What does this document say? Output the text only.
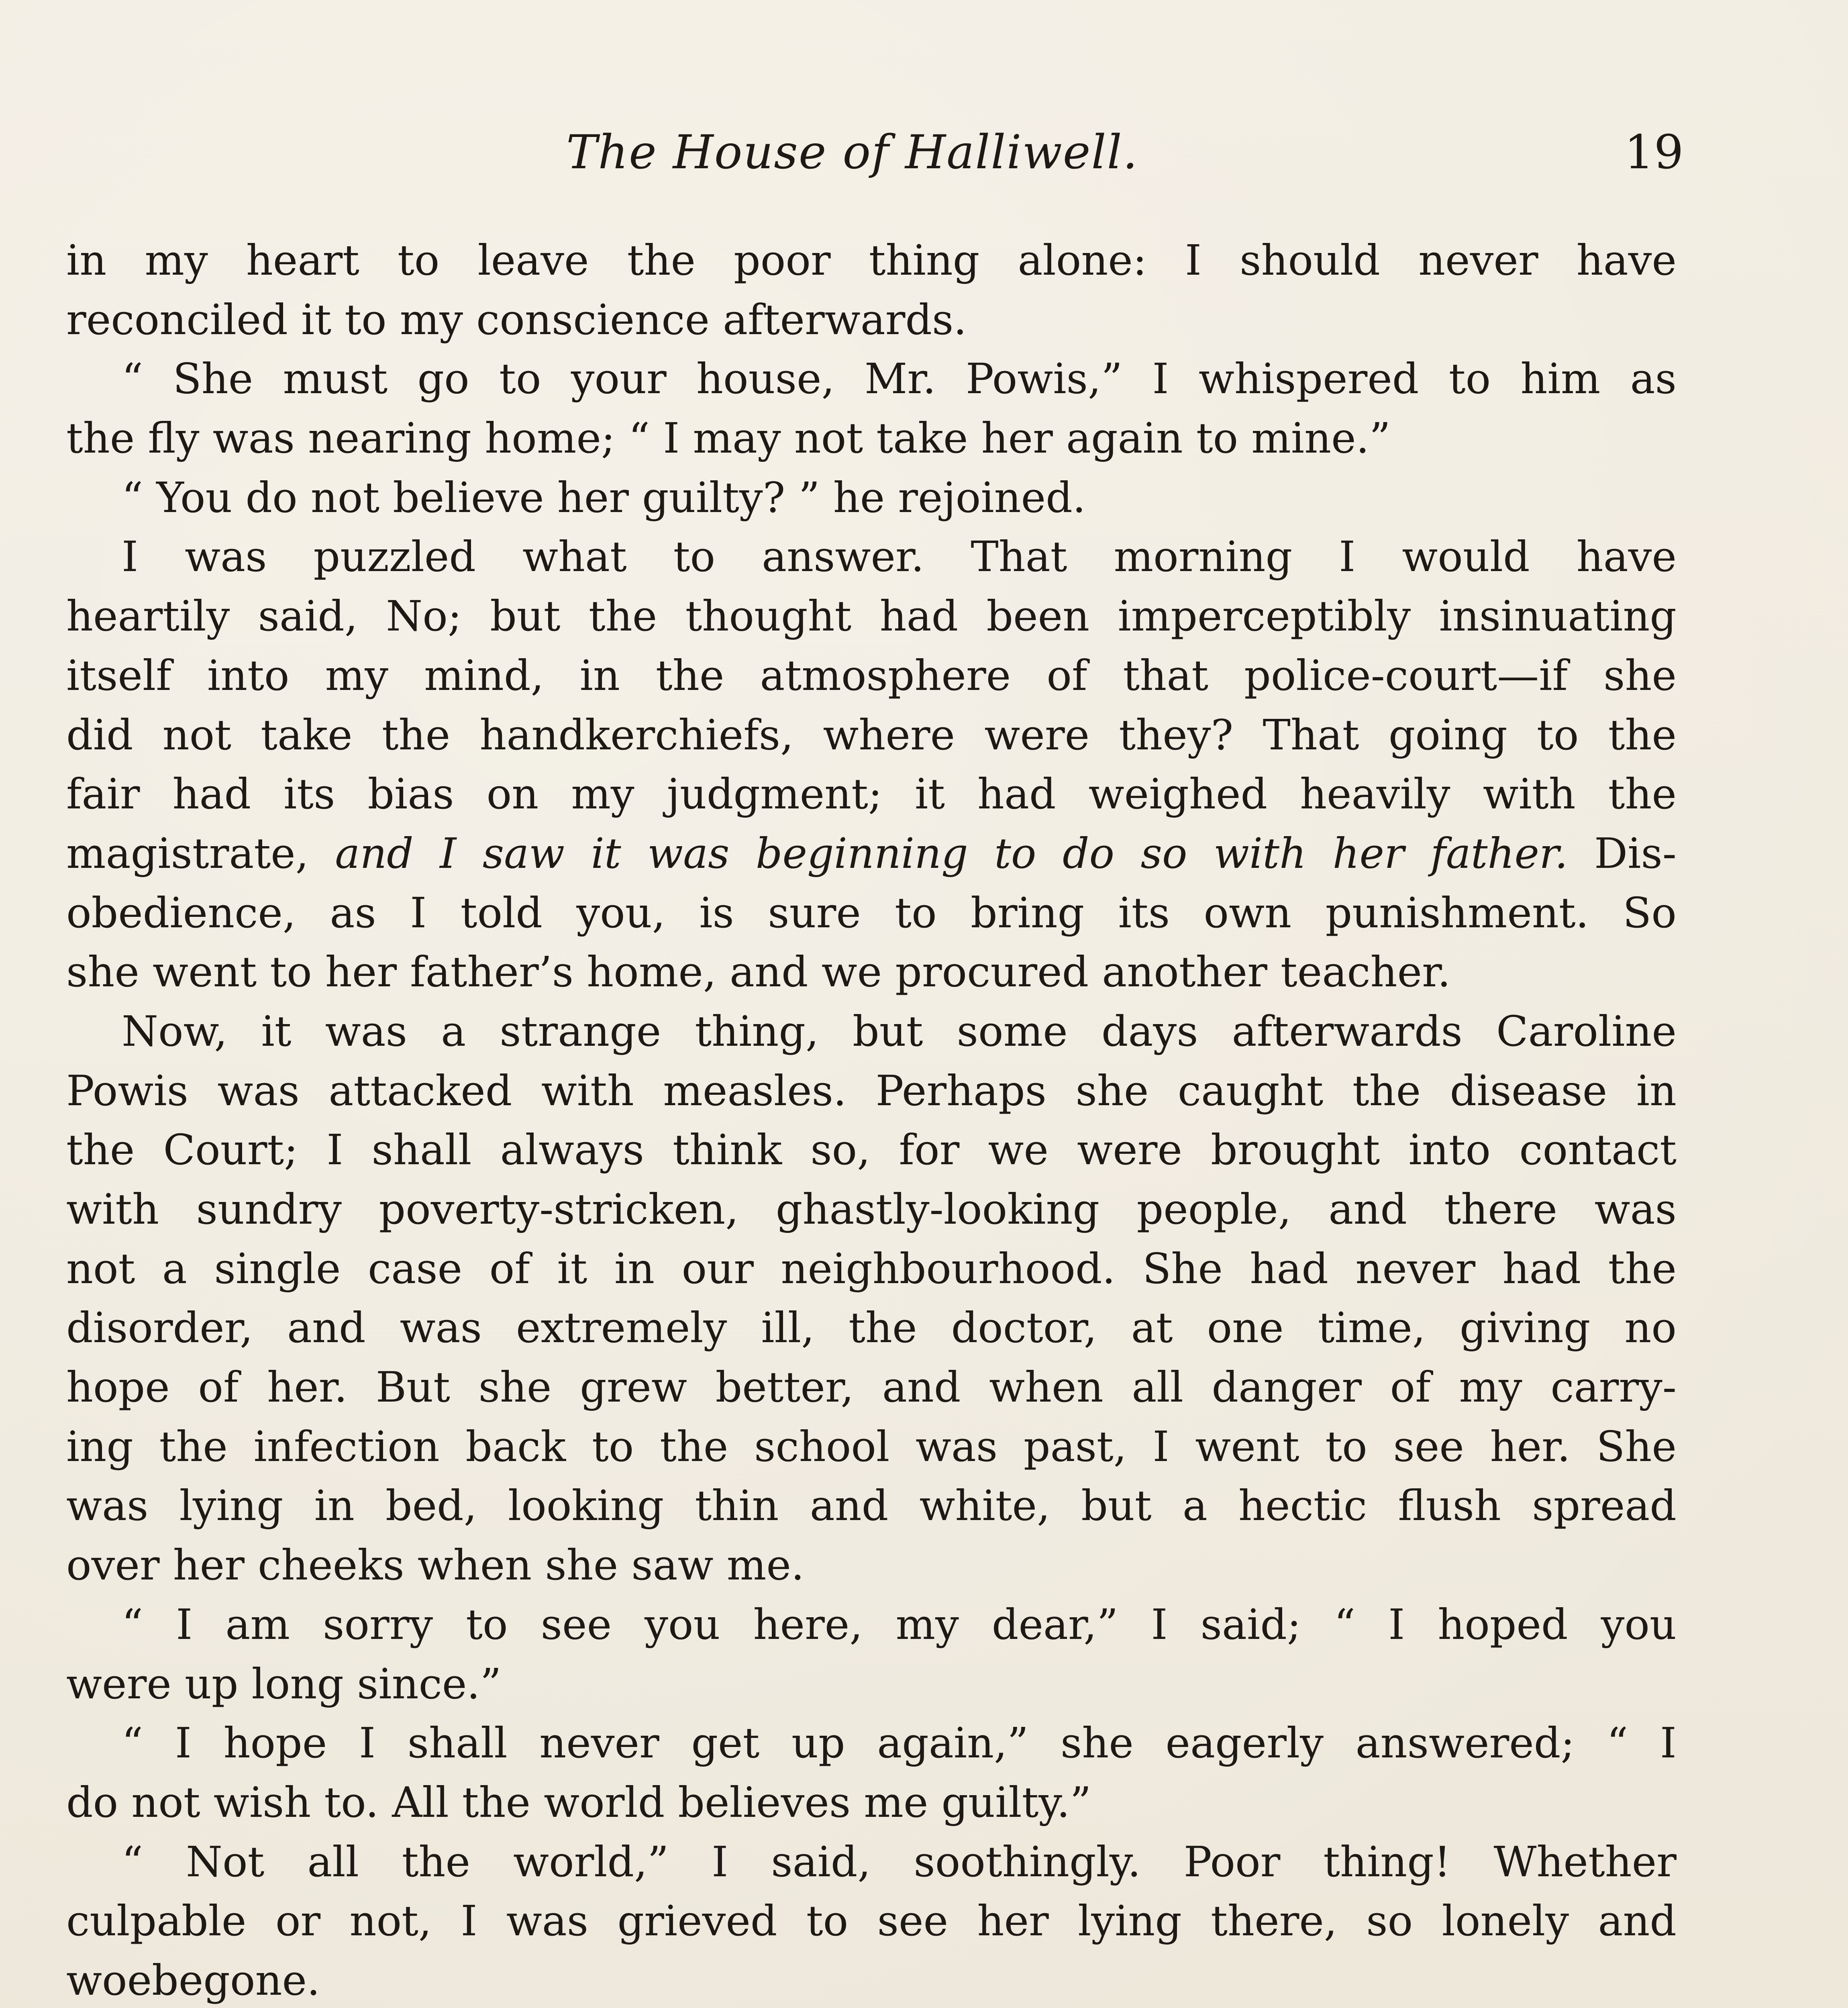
The House of Halliwell.	19
in my heart to leave the poor thing alone: I should never have
reconciled it to my conscience afterwards.
“ She must go to your house, Mr. Powis,” I whispered to him as
the fly was nearing home; “ I may not take her again to mine.”
“ You do not believe her guilty? ” he rejoined.
I was puzzled what to answer. That morning I would have
heartily said, No; but the thought had been imperceptibly insinuating
itself into my mind, in the atmosphere of that police-court—if she
did not take the handkerchiefs, where were they? That going to the
fair had its bias on my judgment; it had weighed heavily with the
magistrate, and I saw it was beginning to do so with her father. Dis-
obedience, as I told you, is sure to bring its own punishment. So
she went to her father’s home, and we procured another teacher.
Now, it was a strange thing, but some days afterwards Caroline
Powis was attacked with measles. Perhaps she caught the disease in
the Court; I shall always think so, for we were brought into contact
with sundry poverty-stricken, ghastly-looking people, and there was
not a single case of it in our neighbourhood. She had never had the
disorder, and was extremely ill, the doctor, at one time, giving no
hope of her. But she grew better, and when all danger of my carry-
ing the infection back to the school was past, I went to see her. She
was lying in bed, looking thin and white, but a hectic flush spread
over her cheeks when she saw me.
“ I am sorry to see you here, my dear,” I said; “ I hoped you
were up long since.”
“ I hope I shall never get up again,” she eagerly answered; “ I
do not wish to. All the world believes me guilty.”
“ Not all the world,” I said, soothingly. Poor thing! Whether
culpable or not, I was grieved to see her lying there, so lonely and
woebegone.
